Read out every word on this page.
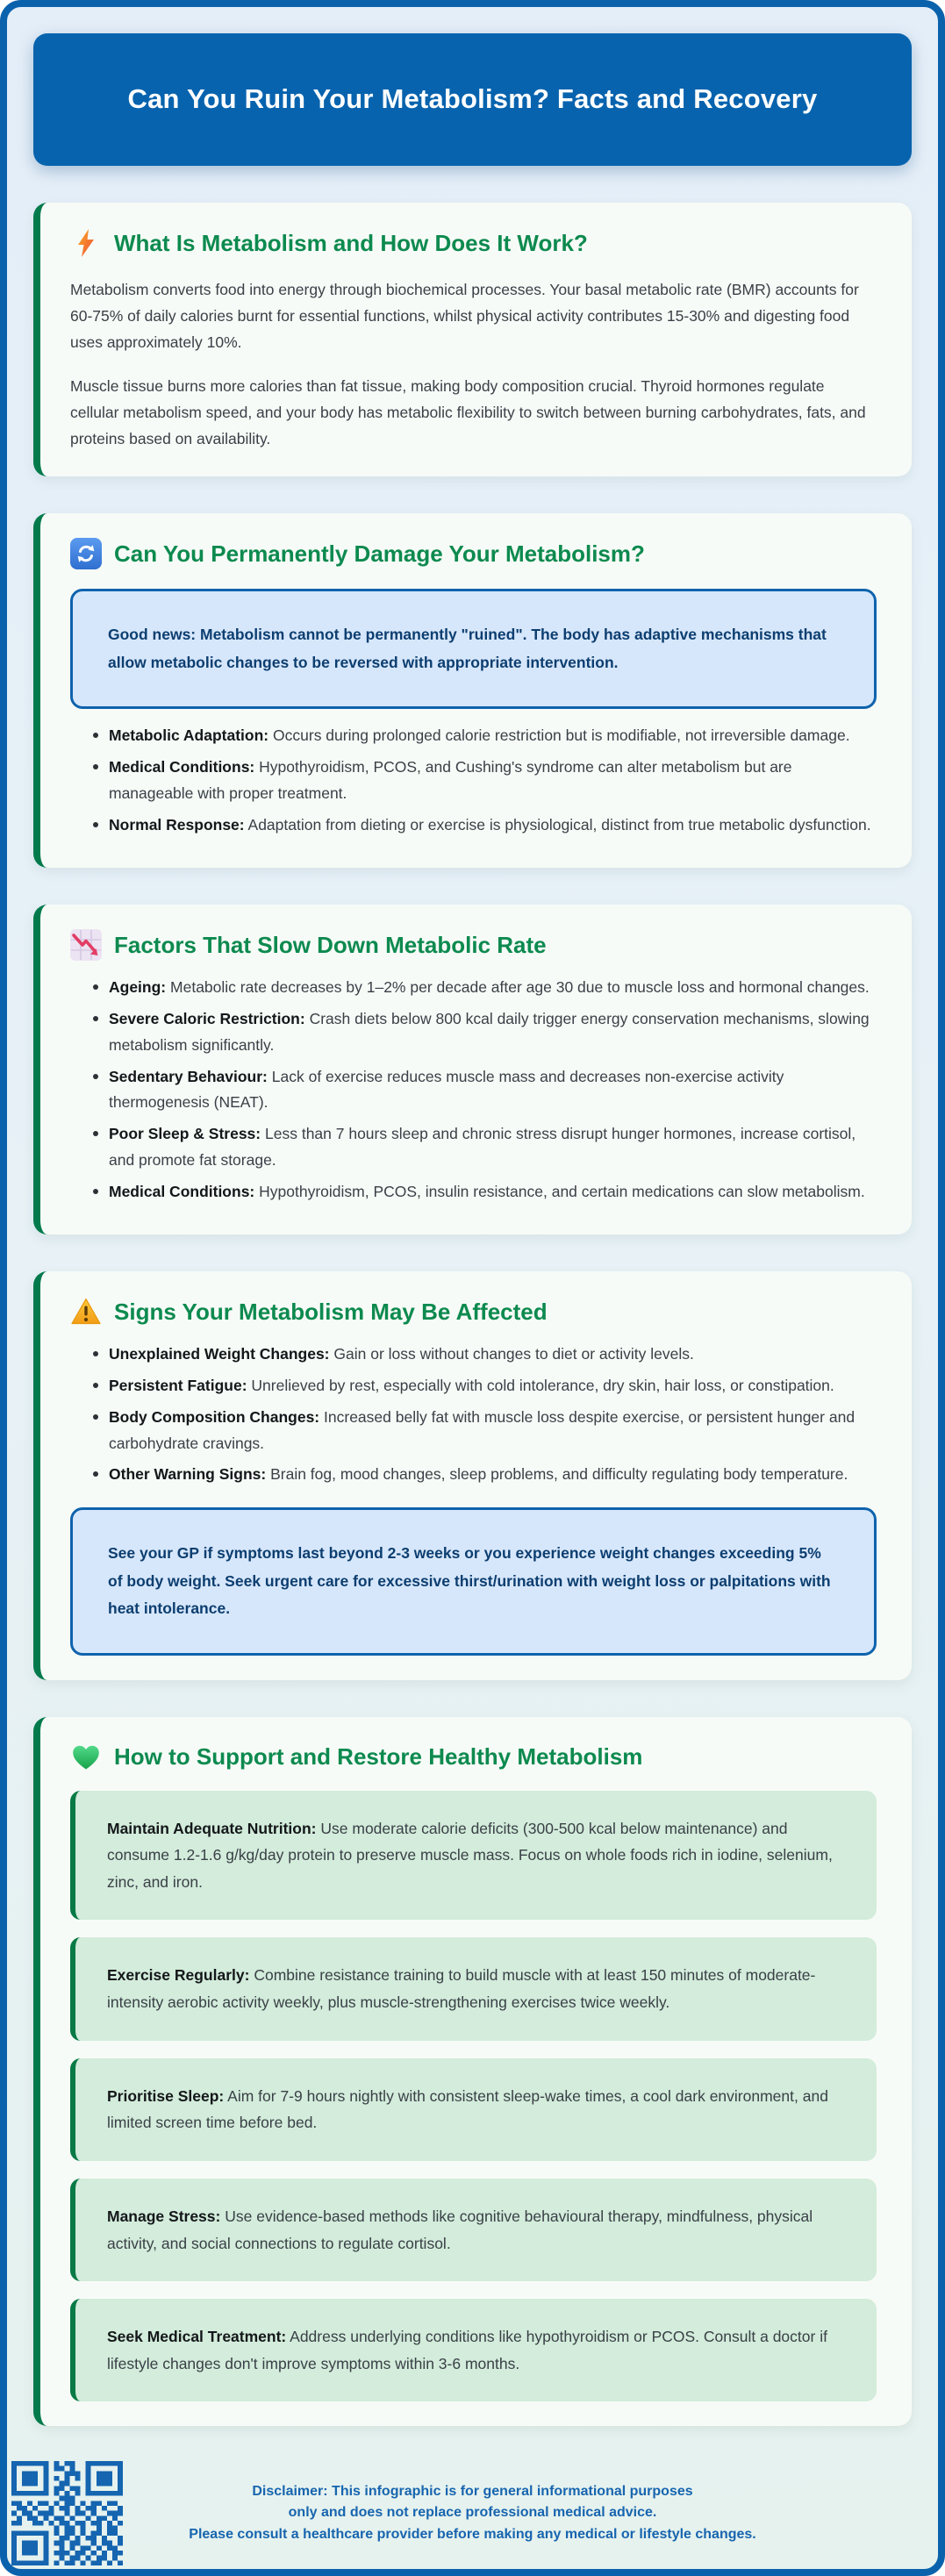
Can You Ruin Your Metabolism? Facts and Recovery
What Is Metabolism and How Does It Work?

Metabolism converts food into energy through biochemical processes. Your basal metabolic rate (BMR) accounts for 60-75% of daily calories burnt for essential functions, whilst physical activity contributes 15-30% and digesting food uses approximately 10%.

Muscle tissue burns more calories than fat tissue, making body composition crucial. Thyroid hormones regulate cellular metabolism speed, and your body has metabolic flexibility to switch between burning carbohydrates, fats, and proteins based on availability.

Can You Permanently Damage Your Metabolism?
Good news: Metabolism cannot be permanently "ruined". The body has adaptive mechanisms that allow metabolic changes to be reversed with appropriate intervention.
Metabolic Adaptation: Occurs during prolonged calorie restriction but is modifiable, not irreversible damage.
Medical Conditions: Hypothyroidism, PCOS, and Cushing's syndrome can alter metabolism but are manageable with proper treatment.
Normal Response: Adaptation from dieting or exercise is physiological, distinct from true metabolic dysfunction.
Factors That Slow Down Metabolic Rate
Ageing: Metabolic rate decreases by 1–2% per decade after age 30 due to muscle loss and hormonal changes.
Severe Caloric Restriction: Crash diets below 800 kcal daily trigger energy conservation mechanisms, slowing metabolism significantly.
Sedentary Behaviour: Lack of exercise reduces muscle mass and decreases non-exercise activity thermogenesis (NEAT).
Poor Sleep & Stress: Less than 7 hours sleep and chronic stress disrupt hunger hormones, increase cortisol, and promote fat storage.
Medical Conditions: Hypothyroidism, PCOS, insulin resistance, and certain medications can slow metabolism.
Signs Your Metabolism May Be Affected
Unexplained Weight Changes: Gain or loss without changes to diet or activity levels.
Persistent Fatigue: Unrelieved by rest, especially with cold intolerance, dry skin, hair loss, or constipation.
Body Composition Changes: Increased belly fat with muscle loss despite exercise, or persistent hunger and carbohydrate cravings.
Other Warning Signs: Brain fog, mood changes, sleep problems, and difficulty regulating body temperature.
See your GP if symptoms last beyond 2-3 weeks or you experience weight changes exceeding 5% of body weight. Seek urgent care for excessive thirst/urination with weight loss or palpitations with heat intolerance.
How to Support and Restore Healthy Metabolism
Maintain Adequate Nutrition: Use moderate calorie deficits (300-500 kcal below maintenance) and consume 1.2-1.6 g/kg/day protein to preserve muscle mass. Focus on whole foods rich in iodine, selenium, zinc, and iron.
Exercise Regularly: Combine resistance training to build muscle with at least 150 minutes of moderate-intensity aerobic activity weekly, plus muscle-strengthening exercises twice weekly.
Prioritise Sleep: Aim for 7-9 hours nightly with consistent sleep-wake times, a cool dark environment, and limited screen time before bed.
Manage Stress: Use evidence-based methods like cognitive behavioural therapy, mindfulness, physical activity, and social connections to regulate cortisol.
Seek Medical Treatment: Address underlying conditions like hypothyroidism or PCOS. Consult a doctor if lifestyle changes don't improve symptoms within 3-6 months.
Disclaimer: This infographic is for general informational purposes
only and does not replace professional medical advice.
Please consult a healthcare provider before making any medical or lifestyle changes.
